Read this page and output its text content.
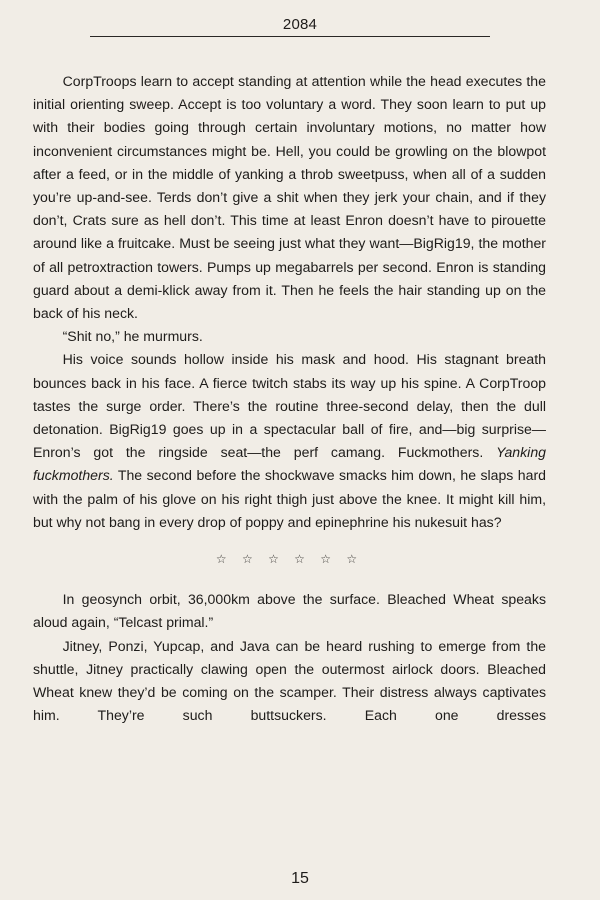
2084

CorpTroops learn to accept standing at attention while the head executes the initial orienting sweep. Accept is too voluntary a word. They soon learn to put up with their bodies going through certain involuntary motions, no matter how inconvenient circumstances might be. Hell, you could be growling on the blowpot after a feed, or in the middle of yanking a throb sweetpuss, when all of a sudden you’re up-and-see. Terds don’t give a shit when they jerk your chain, and if they don’t, Crats sure as hell don’t. This time at least Enron doesn’t have to pirouette around like a fruitcake. Must be seeing just what they want—BigRig19, the mother of all petroxtraction towers. Pumps up megabarrels per second. Enron is standing guard about a demi-klick away from it. Then he feels the hair standing up on the back of his neck.

“Shit no,” he murmurs.

His voice sounds hollow inside his mask and hood. His stagnant breath bounces back in his face. A fierce twitch stabs its way up his spine. A CorpTroop tastes the surge order. There’s the routine three-second delay, then the dull detonation. BigRig19 goes up in a spectacular ball of fire, and—big surprise—Enron’s got the ringside seat—the perf camang. Fuckmothers. Yanking fuckmothers. The second before the shockwave smacks him down, he slaps hard with the palm of his glove on his right thigh just above the knee. It might kill him, but why not bang in every drop of poppy and epinephrine his nukesuit has?

☆ ☆ ☆ ☆ ☆ ☆

In geosynch orbit, 36,000km above the surface. Bleached Wheat speaks aloud again, “Telcast primal.”

Jitney, Ponzi, Yupcap, and Java can be heard rushing to emerge from the shuttle, Jitney practically clawing open the outermost airlock doors. Bleached Wheat knew they’d be coming on the scamper. Their distress always captivates him. They’re such buttsuckers. Each one dresses

15
